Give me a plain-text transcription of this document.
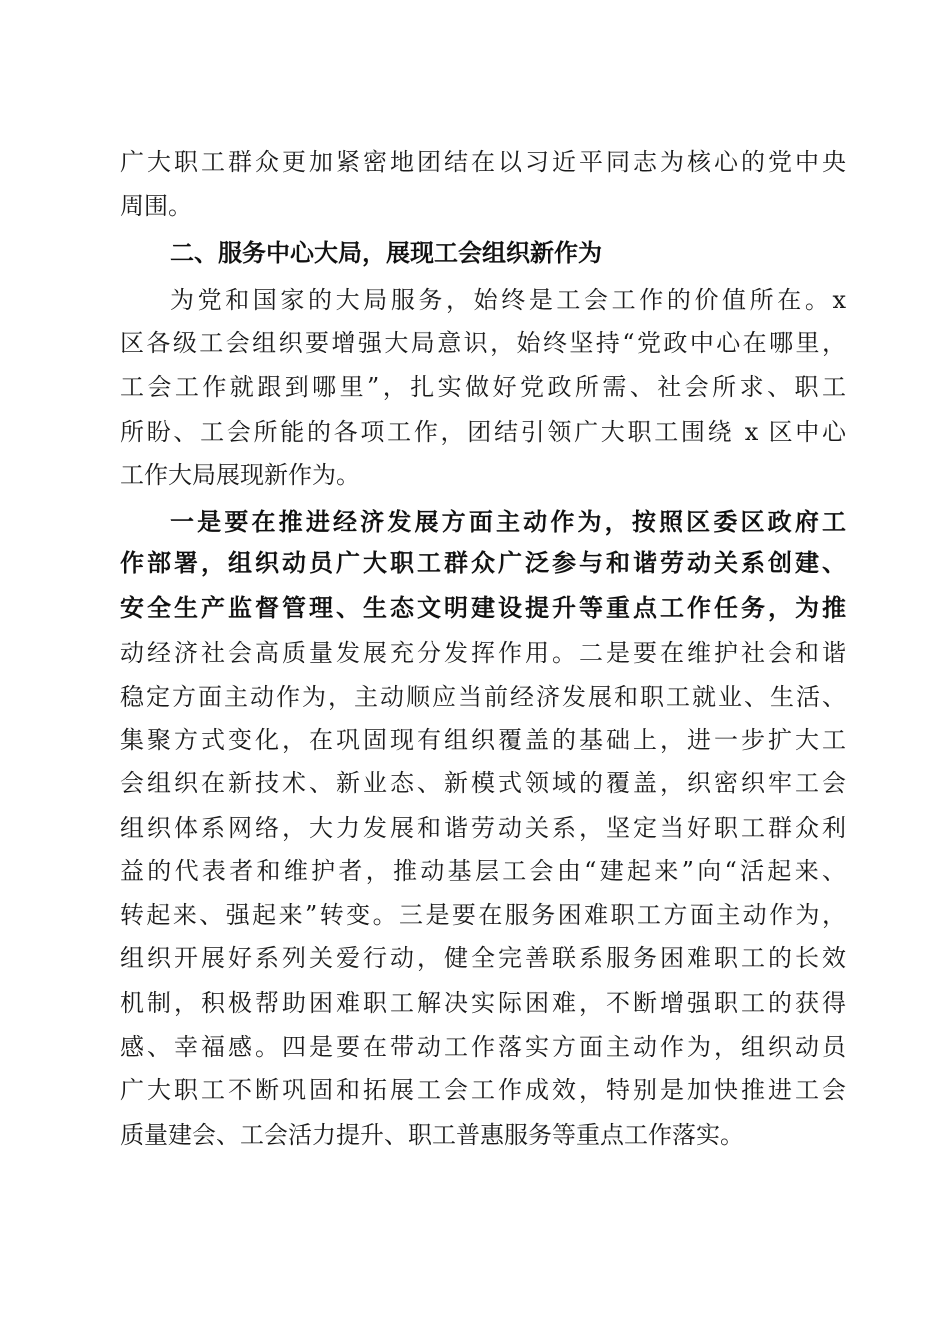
广大职工群众更加紧密地团结在以习近平同志为核心的党中央
周围。
二、服务中心大局，展现工会组织新作为
为党和国家的大局服务，始终是工会工作的价值所在。x
区各级工会组织要增强大局意识，始终坚持“党政中心在哪里，
工会工作就跟到哪里”，扎实做好党政所需、社会所求、职工
所盼、工会所能的各项工作，团结引领广大职工围绕 x 区中心
工作大局展现新作为。
一是要在推进经济发展方面主动作为，按照区委区政府工
作部署，组织动员广大职工群众广泛参与和谐劳动关系创建、
安全生产监督管理、生态文明建设提升等重点工作任务，为推
动经济社会高质量发展充分发挥作用。二是要在维护社会和谐
稳定方面主动作为，主动顺应当前经济发展和职工就业、生活、
集聚方式变化，在巩固现有组织覆盖的基础上，进一步扩大工
会组织在新技术、新业态、新模式领域的覆盖，织密织牢工会
组织体系网络，大力发展和谐劳动关系，坚定当好职工群众利
益的代表者和维护者，推动基层工会由“建起来”向“活起来、
转起来、强起来”转变。三是要在服务困难职工方面主动作为，
组织开展好系列关爱行动，健全完善联系服务困难职工的长效
机制，积极帮助困难职工解决实际困难，不断增强职工的获得
感、幸福感。四是要在带动工作落实方面主动作为，组织动员
广大职工不断巩固和拓展工会工作成效，特别是加快推进工会
质量建会、工会活力提升、职工普惠服务等重点工作落实。
